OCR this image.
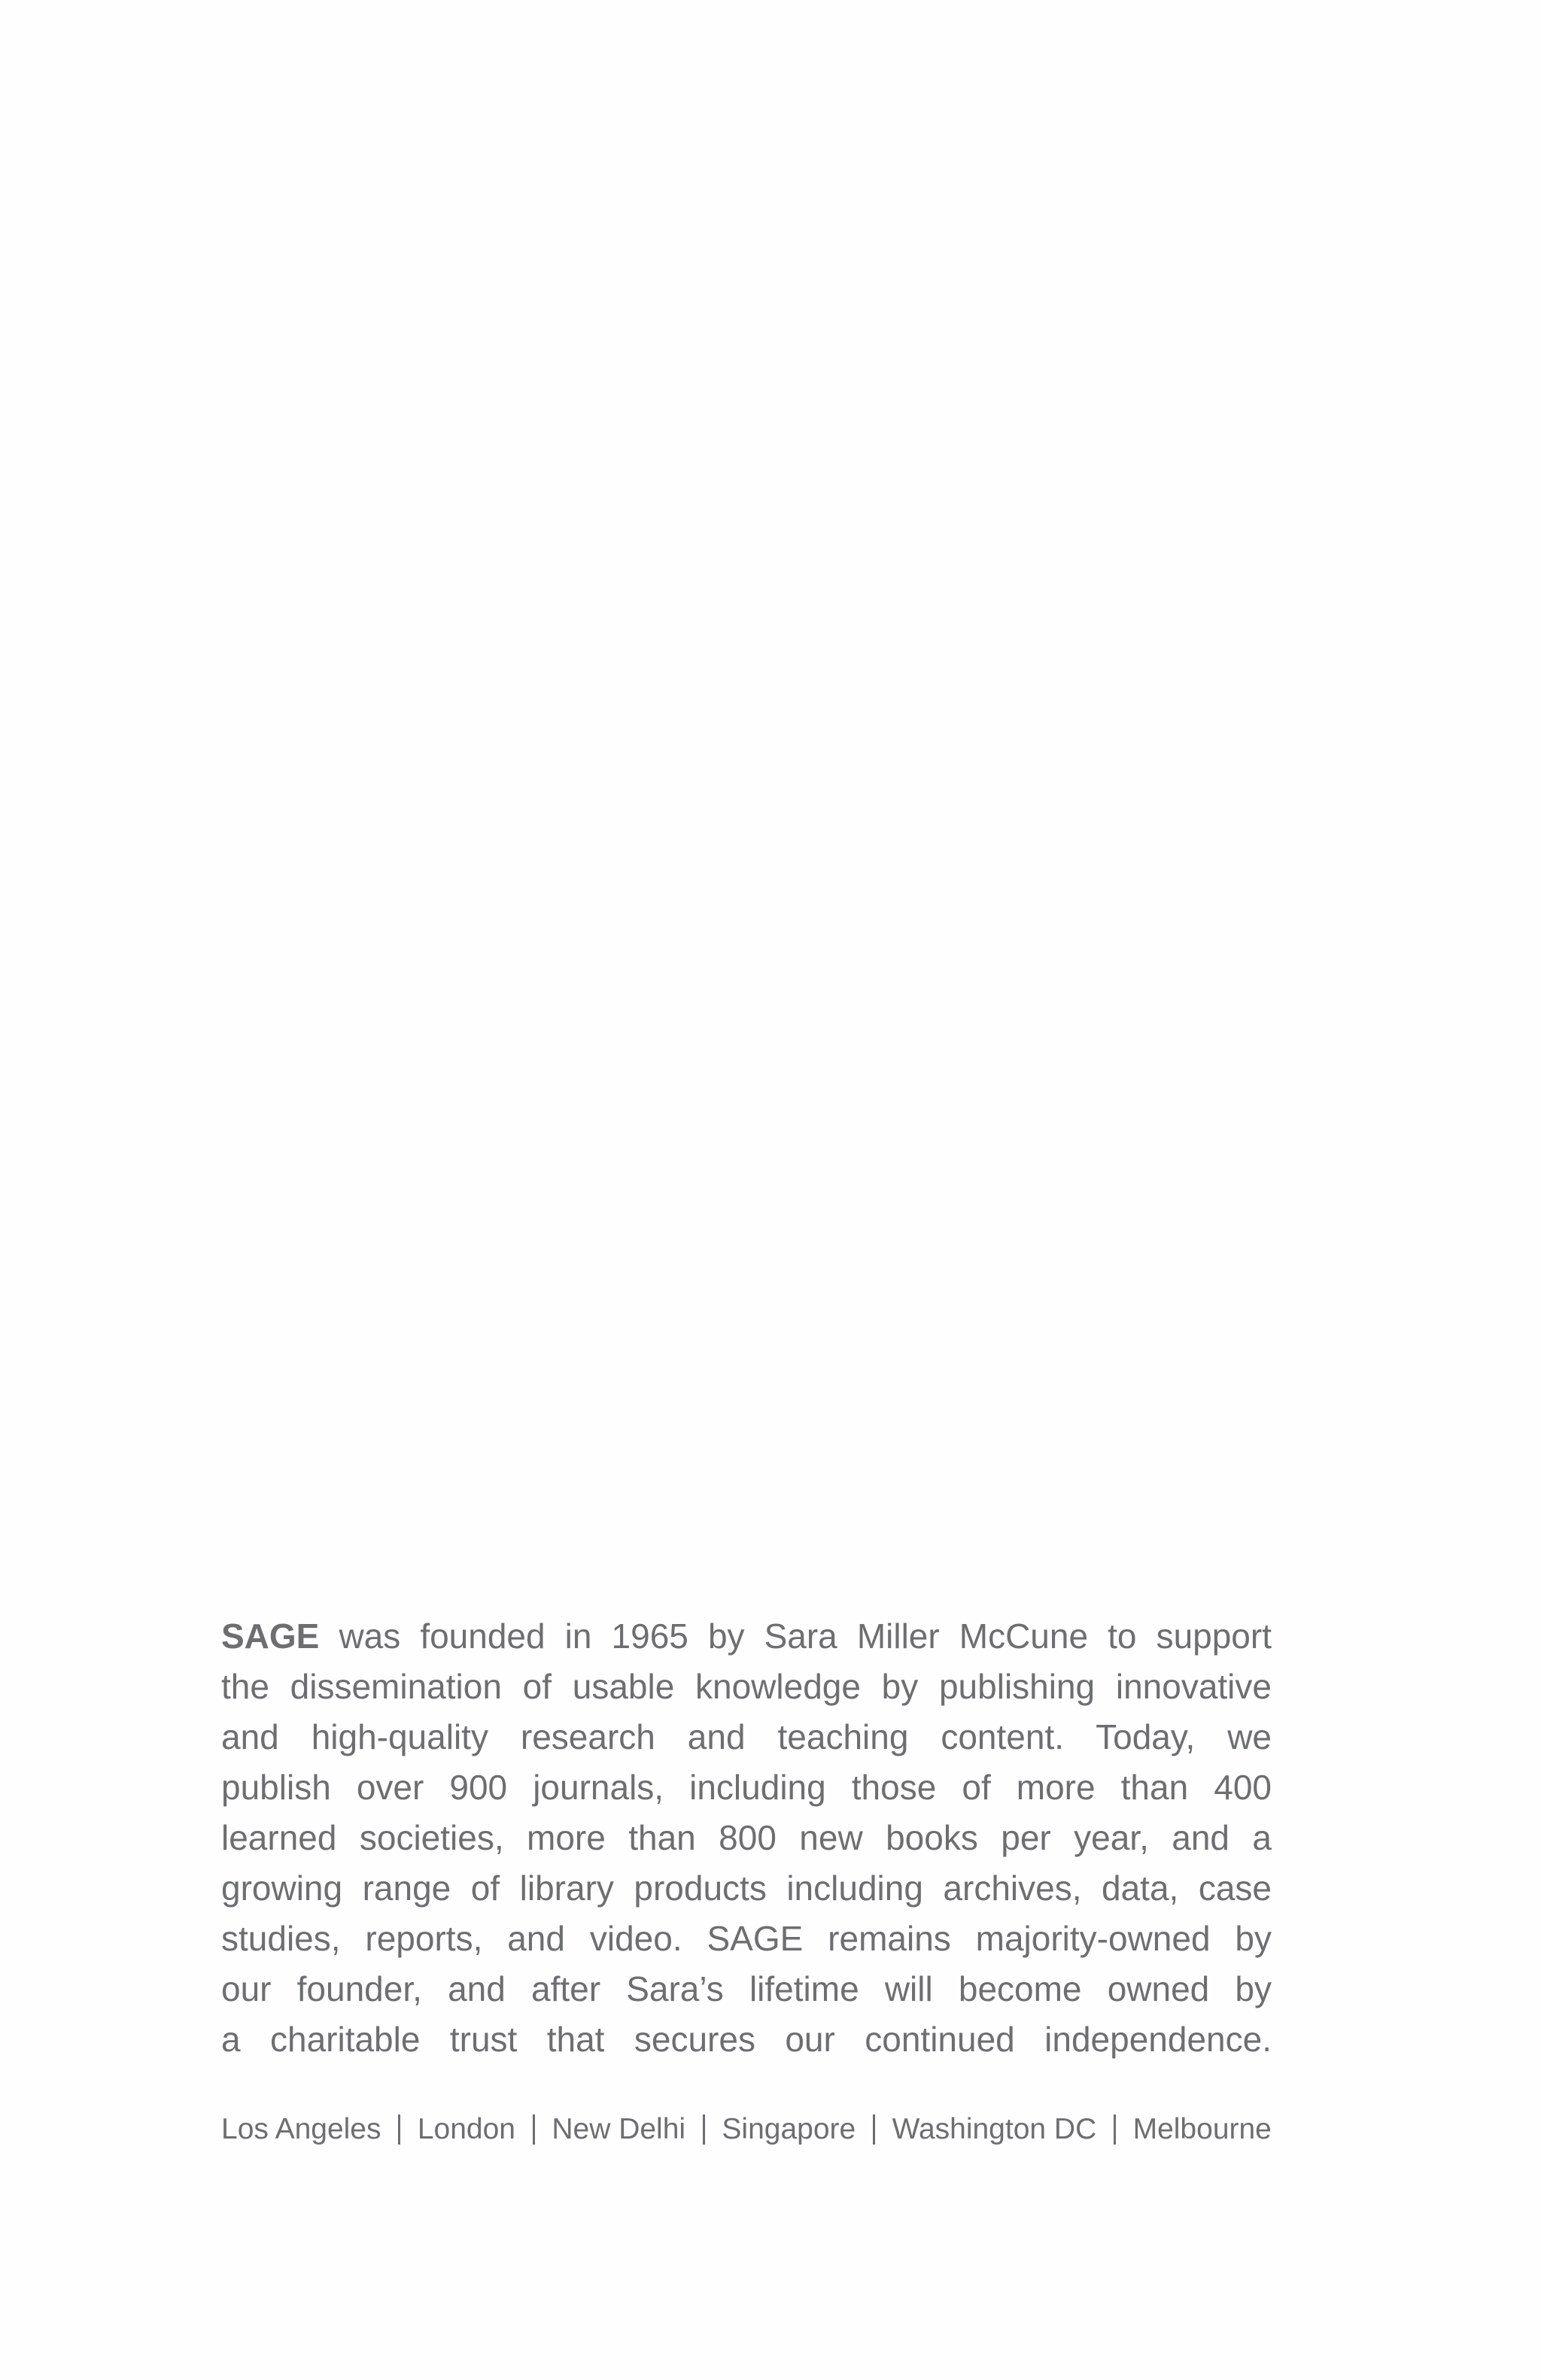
SAGE was founded in 1965 by Sara Miller McCune to support
the dissemination of usable knowledge by publishing innovative
and high-quality research and teaching content. Today, we
publish over 900 journals, including those of more than 400
learned societies, more than 800 new books per year, and a
growing range of library products including archives, data, case
studies, reports, and video. SAGE remains majority-owned by
our founder, and after Sara’s lifetime will become owned by
a charitable trust that secures our continued independence.

Los Angeles London New Delhi Singapore Washington DC Melbourne
